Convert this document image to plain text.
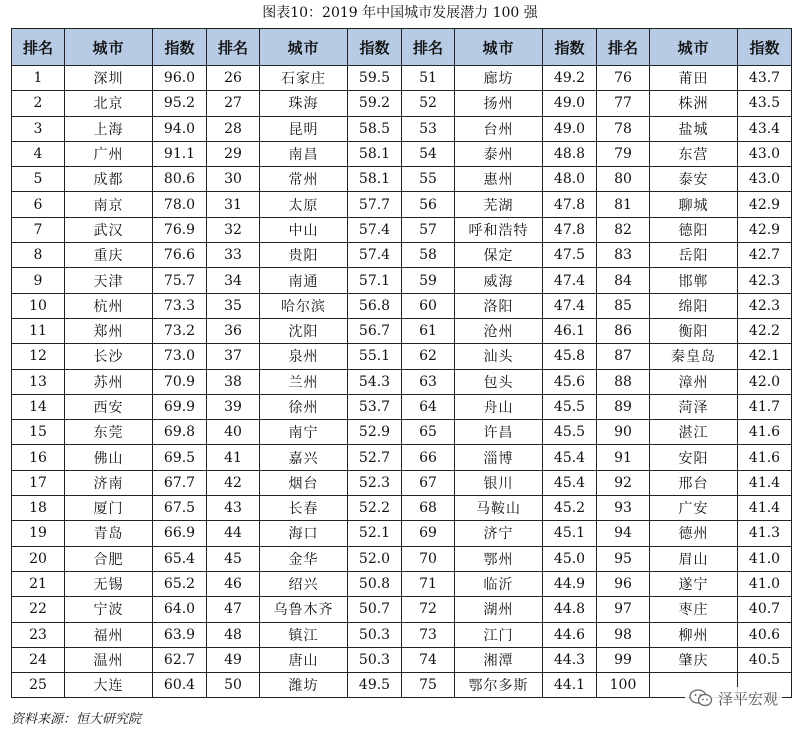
图表10：2019 年中国城市发展潜力 100 强
排名	城市	指数	排名	城市	指数	排名	城市	指数	排名	城市	指数
1	深圳	96.0	26	石家庄	59.5	51	廊坊	49.2	76	莆田	43.7
2	北京	95.2	27	珠海	59.2	52	扬州	49.0	77	株洲	43.5
3	上海	94.0	28	昆明	58.5	53	台州	49.0	78	盐城	43.4
4	广州	91.1	29	南昌	58.1	54	泰州	48.8	79	东营	43.0
5	成都	80.6	30	常州	58.1	55	惠州	48.0	80	泰安	43.0
6	南京	78.0	31	太原	57.7	56	芜湖	47.8	81	聊城	42.9
7	武汉	76.9	32	中山	57.4	57	呼和浩特	47.8	82	德阳	42.9
8	重庆	76.6	33	贵阳	57.4	58	保定	47.5	83	岳阳	42.7
9	天津	75.7	34	南通	57.1	59	威海	47.4	84	邯郸	42.3
10	杭州	73.3	35	哈尔滨	56.8	60	洛阳	47.4	85	绵阳	42.3
11	郑州	73.2	36	沈阳	56.7	61	沧州	46.1	86	衡阳	42.2
12	长沙	73.0	37	泉州	55.1	62	汕头	45.8	87	秦皇岛	42.1
13	苏州	70.9	38	兰州	54.3	63	包头	45.6	88	漳州	42.0
14	西安	69.9	39	徐州	53.7	64	舟山	45.5	89	菏泽	41.7
15	东莞	69.8	40	南宁	52.9	65	许昌	45.5	90	湛江	41.6
16	佛山	69.5	41	嘉兴	52.7	66	淄博	45.4	91	安阳	41.6
17	济南	67.7	42	烟台	52.3	67	银川	45.4	92	邢台	41.4
18	厦门	67.5	43	长春	52.2	68	马鞍山	45.2	93	广安	41.4
19	青岛	66.9	44	海口	52.1	69	济宁	45.1	94	德州	41.3
20	合肥	65.4	45	金华	52.0	70	鄂州	45.0	95	眉山	41.0
21	无锡	65.2	46	绍兴	50.8	71	临沂	44.9	96	遂宁	41.0
22	宁波	64.0	47	乌鲁木齐	50.7	72	湖州	44.8	97	枣庄	40.7
23	福州	63.9	48	镇江	50.3	73	江门	44.6	98	柳州	40.6
24	温州	62.7	49	唐山	50.3	74	湘潭	44.3	99	肇庆	40.5
25	大连	60.4	50	潍坊	49.5	75	鄂尔多斯	44.1	100		
资料来源：恒大研究院
泽平宏观
